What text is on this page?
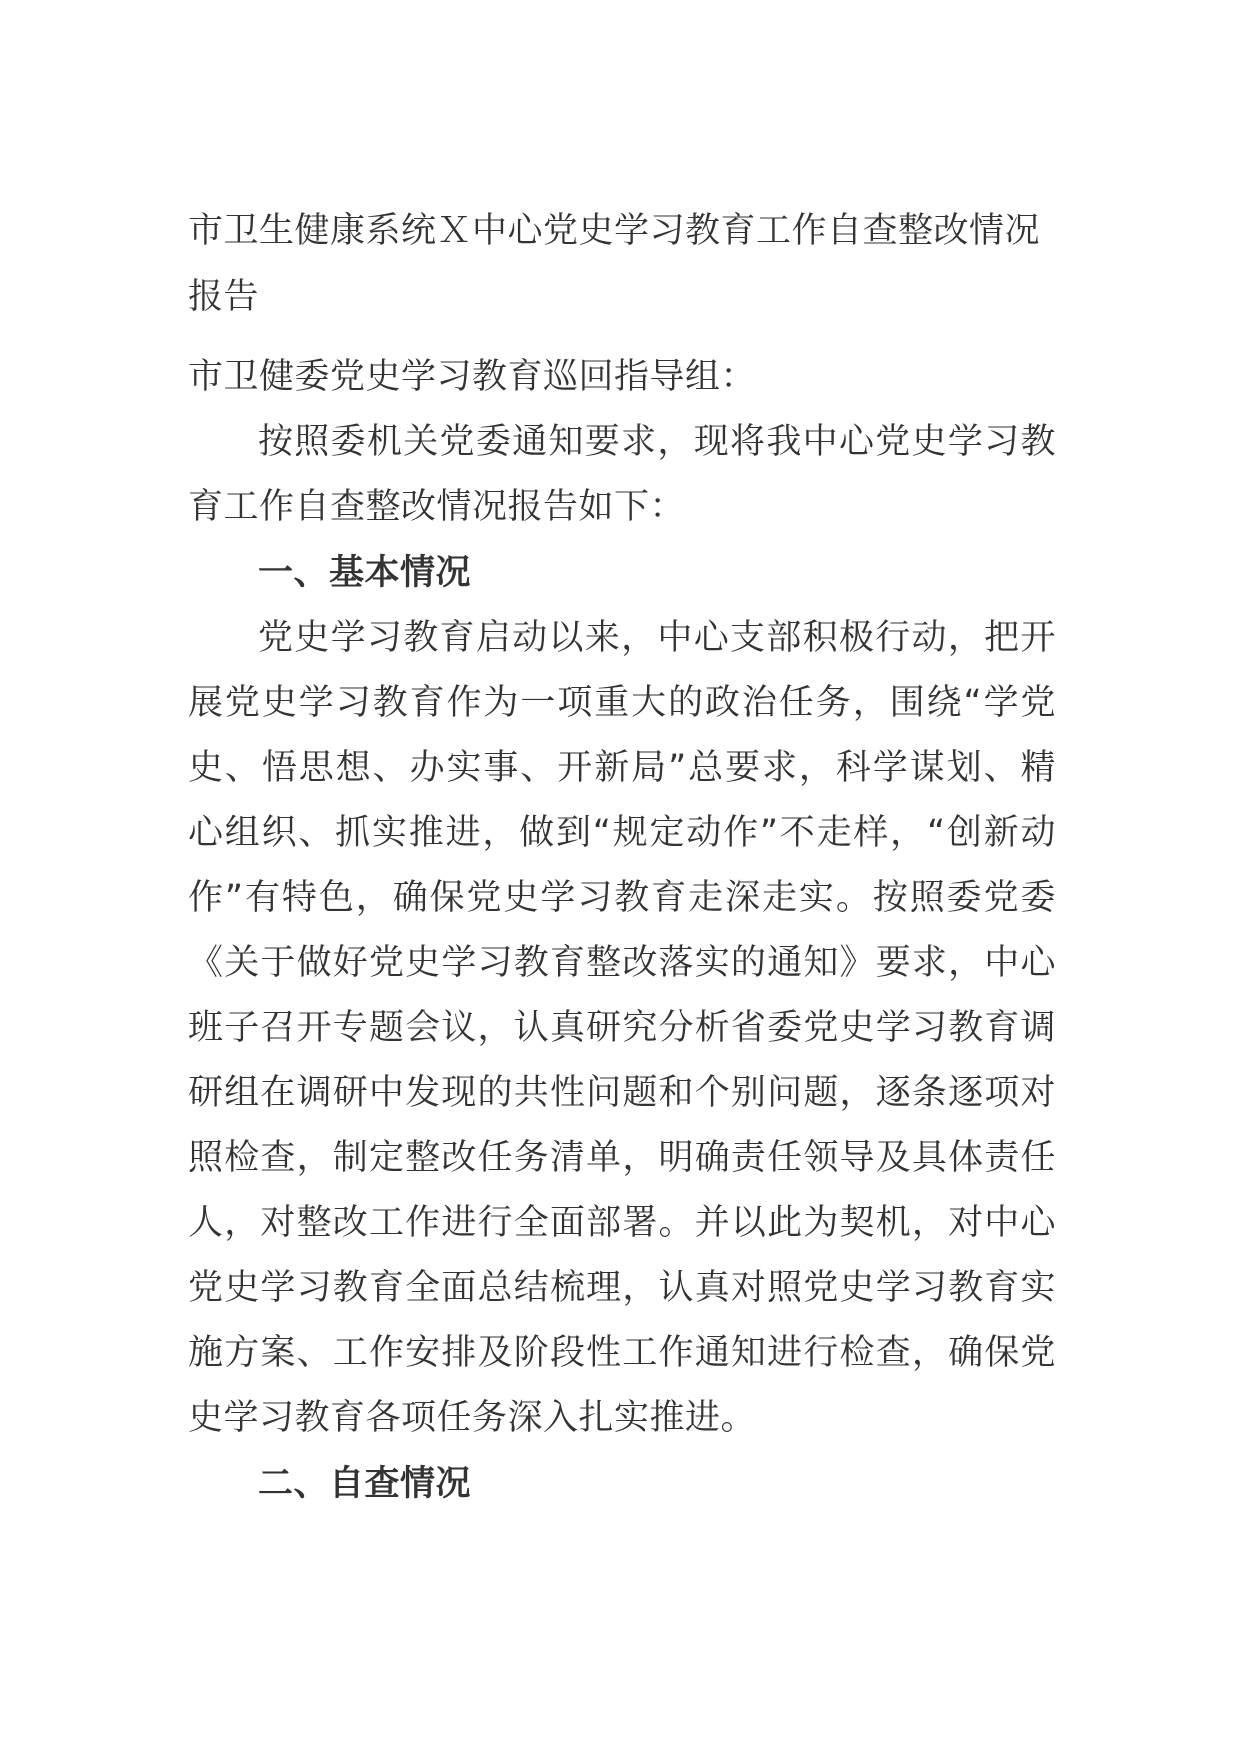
市卫生健康系统Ｘ中心党史学习教育工作自查整改情况报告

市卫健委党史学习教育巡回指导组：

按照委机关党委通知要求，现将我中心党史学习教育工作自查整改情况报告如下：

一、基本情况

党史学习教育启动以来，中心支部积极行动，把开展党史学习教育作为一项重大的政治任务，围绕“学党史、悟思想、办实事、开新局”总要求，科学谋划、精心组织、抓实推进，做到“规定动作”不走样，“创新动作”有特色，确保党史学习教育走深走实。按照委党委《关于做好党史学习教育整改落实的通知》要求，中心班子召开专题会议，认真研究分析省委党史学习教育调研组在调研中发现的共性问题和个别问题，逐条逐项对照检查，制定整改任务清单，明确责任领导及具体责任人，对整改工作进行全面部署。并以此为契机，对中心党史学习教育全面总结梳理，认真对照党史学习教育实施方案、工作安排及阶段性工作通知进行检查，确保党史学习教育各项任务深入扎实推进。

二、自查情况
